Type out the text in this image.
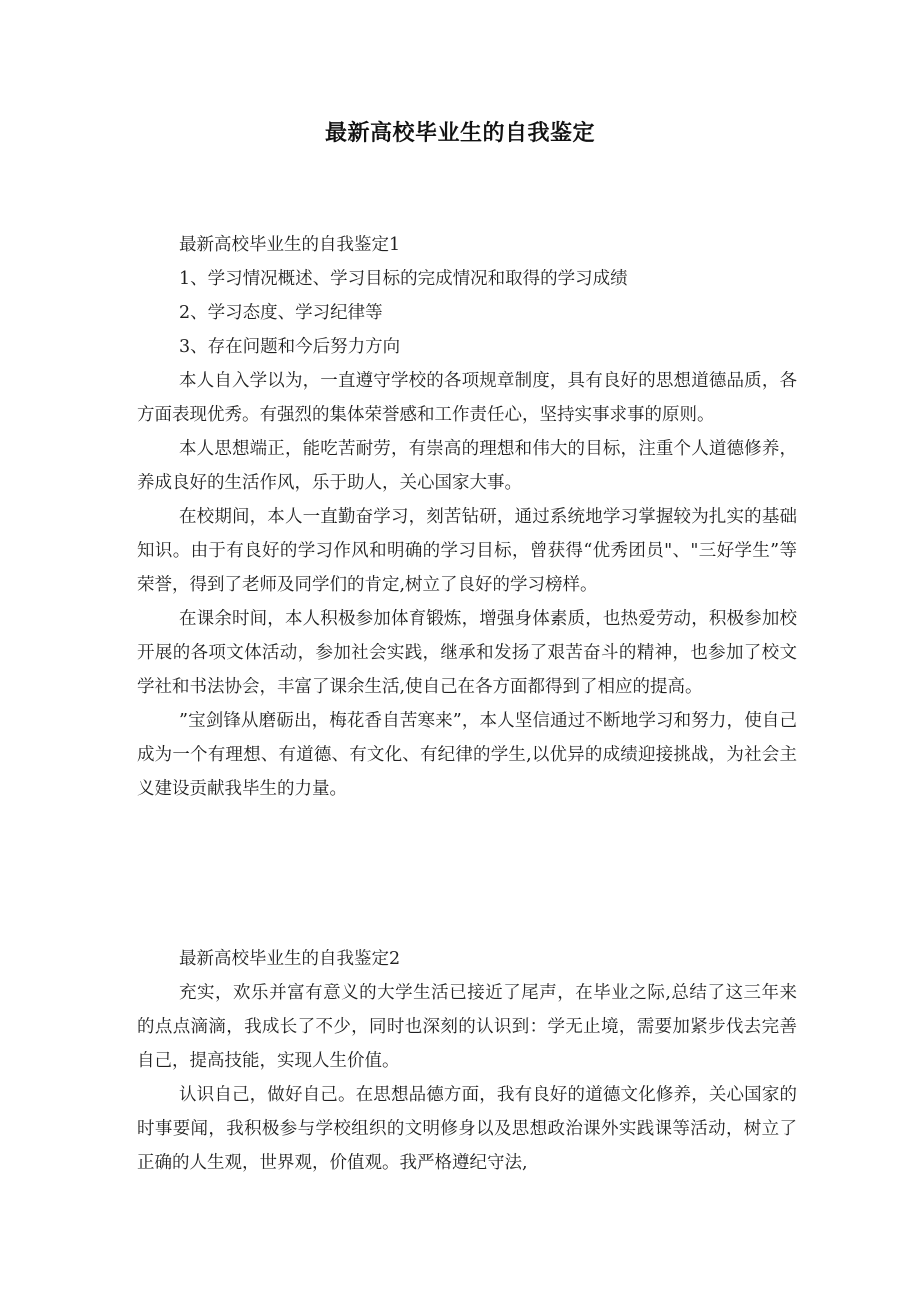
最新高校毕业生的自我鉴定

最新高校毕业生的自我鉴定1

1、学习情况概述、学习目标的完成情况和取得的学习成绩

2、学习态度、学习纪律等

3、存在问题和今后努力方向

本人自入学以为，一直遵守学校的各项规章制度，具有良好的思想道德品质，各方面表现优秀。有强烈的集体荣誉感和工作责任心，坚持实事求事的原则。

本人思想端正，能吃苦耐劳，有崇高的理想和伟大的目标，注重个人道德修养，养成良好的生活作风，乐于助人，关心国家大事。

在校期间，本人一直勤奋学习，刻苦钻研，通过系统地学习掌握较为扎实的基础知识。由于有良好的学习作风和明确的学习目标，曾获得“优秀团员"、"三好学生”等荣誉，得到了老师及同学们的肯定,树立了良好的学习榜样。

在课余时间，本人积极参加体育锻炼，增强身体素质，也热爱劳动，积极参加校开展的各项文体活动，参加社会实践，继承和发扬了艰苦奋斗的精神，也参加了校文学社和书法协会，丰富了课余生活,使自己在各方面都得到了相应的提高。

”宝剑锋从磨砺出，梅花香自苦寒来”，本人坚信通过不断地学习和努力，使自己成为一个有理想、有道德、有文化、有纪律的学生,以优异的成绩迎接挑战，为社会主义建设贡献我毕生的力量。

最新高校毕业生的自我鉴定2

充实，欢乐并富有意义的大学生活已接近了尾声，在毕业之际,总结了这三年来的点点滴滴，我成长了不少，同时也深刻的认识到：学无止境，需要加紧步伐去完善自己，提高技能，实现人生价值。

认识自己，做好自己。在思想品德方面，我有良好的道德文化修养，关心国家的时事要闻，我积极参与学校组织的文明修身以及思想政治课外实践课等活动，树立了正确的人生观，世界观，价值观。我严格遵纪守法,
